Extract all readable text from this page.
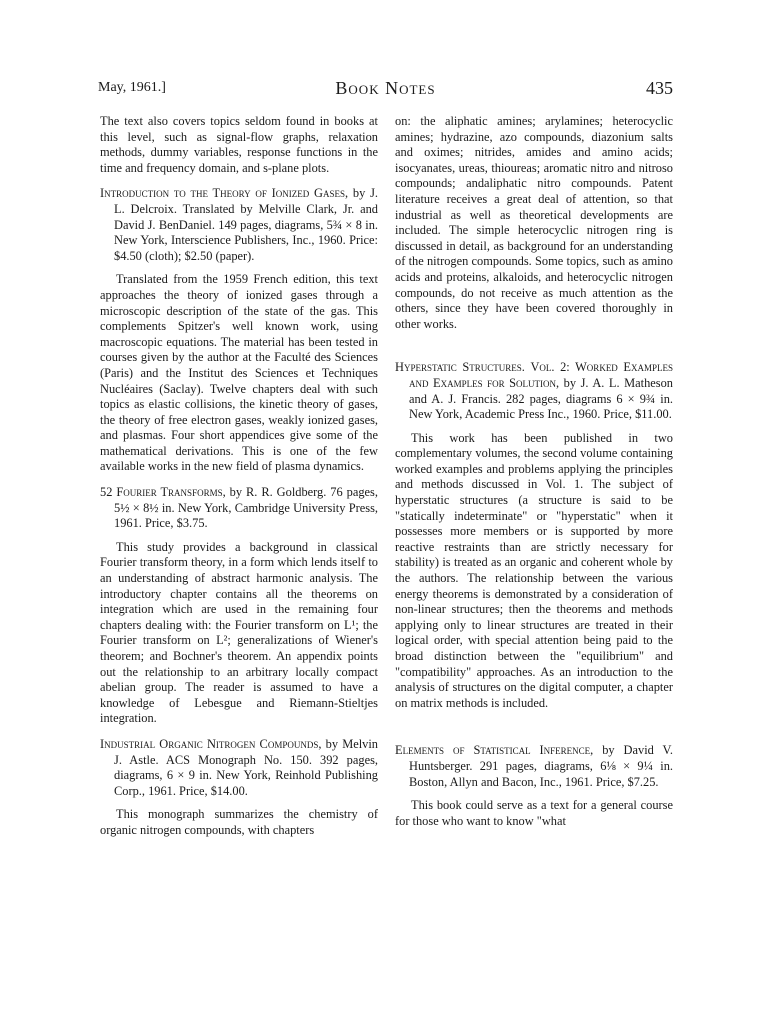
May, 1961.]	Book Notes	435

The text also covers topics seldom found in books at this level, such as signal-flow graphs, relaxation methods, dummy variables, response functions in the time and frequency domain, and s-plane plots.

Introduction to the Theory of Ionized Gases, by J. L. Delcroix. Translated by Melville Clark, Jr. and David J. BenDaniel. 149 pages, diagrams, 5¾ × 8 in. New York, Interscience Publishers, Inc., 1960. Price: $4.50 (cloth); $2.50 (paper).

Translated from the 1959 French edition, this text approaches the theory of ionized gases through a microscopic description of the state of the gas. This complements Spitzer's well known work, using macroscopic equations. The material has been tested in courses given by the author at the Faculté des Sciences (Paris) and the Institut des Sciences et Techniques Nucléaires (Saclay). Twelve chapters deal with such topics as elastic collisions, the kinetic theory of gases, the theory of free electron gases, weakly ionized gases, and plasmas. Four short appendices give some of the mathematical derivations. This is one of the few available works in the new field of plasma dynamics.

52 Fourier Transforms, by R. R. Goldberg. 76 pages, 5½ × 8½ in. New York, Cambridge University Press, 1961. Price, $3.75.

This study provides a background in classical Fourier transform theory, in a form which lends itself to an understanding of abstract harmonic analysis. The introductory chapter contains all the theorems on integration which are used in the remaining four chapters dealing with: the Fourier transform on L¹; the Fourier transform on L²; generalizations of Wiener's theorem; and Bochner's theorem. An appendix points out the relationship to an arbitrary locally compact abelian group. The reader is assumed to have a knowledge of Lebesgue and Riemann-Stieltjes integration.

Industrial Organic Nitrogen Compounds, by Melvin J. Astle. ACS Monograph No. 150. 392 pages, diagrams, 6 × 9 in. New York, Reinhold Publishing Corp., 1961. Price, $14.00.

This monograph summarizes the chemistry of organic nitrogen compounds, with chapters

on: the aliphatic amines; arylamines; heterocyclic amines; hydrazine, azo compounds, diazonium salts and oximes; nitrides, amides and amino acids; isocyanates, ureas, thioureas; aromatic nitro and nitroso compounds; andaliphatic nitro compounds. Patent literature receives a great deal of attention, so that industrial as well as theoretical developments are included. The simple heterocyclic nitrogen ring is discussed in detail, as background for an understanding of the nitrogen compounds. Some topics, such as amino acids and proteins, alkaloids, and heterocyclic nitrogen compounds, do not receive as much attention as the others, since they have been covered thoroughly in other works.

Hyperstatic Structures. Vol. 2: Worked Examples and Examples for Solution, by J. A. L. Matheson and A. J. Francis. 282 pages, diagrams 6 × 9¾ in. New York, Academic Press Inc., 1960. Price, $11.00.

This work has been published in two complementary volumes, the second volume containing worked examples and problems applying the principles and methods discussed in Vol. 1. The subject of hyperstatic structures (a structure is said to be "statically indeterminate" or "hyperstatic" when it possesses more members or is supported by more reactive restraints than are strictly necessary for stability) is treated as an organic and coherent whole by the authors. The relationship between the various energy theorems is demonstrated by a consideration of non-linear structures; then the theorems and methods applying only to linear structures are treated in their logical order, with special attention being paid to the broad distinction between the "equilibrium" and "compatibility" approaches. As an introduction to the analysis of structures on the digital computer, a chapter on matrix methods is included.

Elements of Statistical Inference, by David V. Huntsberger. 291 pages, diagrams, 6⅛ × 9¼ in. Boston, Allyn and Bacon, Inc., 1961. Price, $7.25.

This book could serve as a text for a general course for those who want to know "what
